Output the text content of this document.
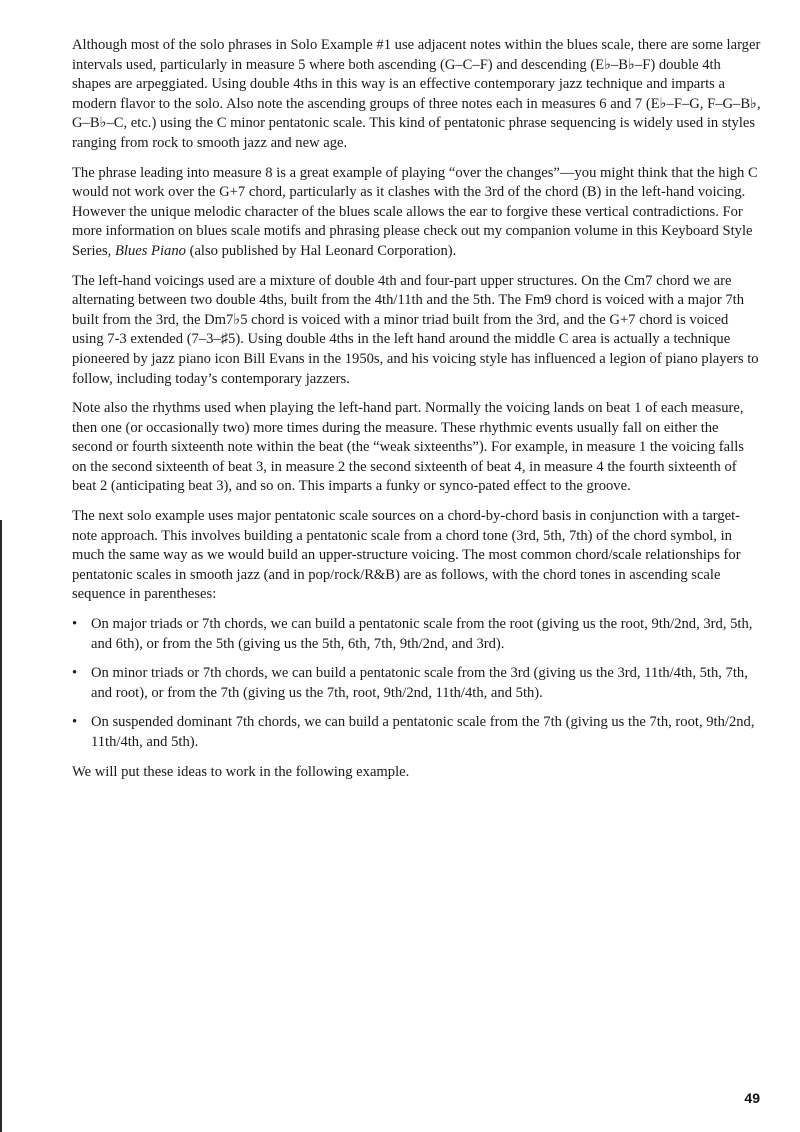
Although most of the solo phrases in Solo Example #1 use adjacent notes within the blues scale, there are some larger intervals used, particularly in measure 5 where both ascending (G–C–F) and descending (E♭–B♭–F) double 4th shapes are arpeggiated. Using double 4ths in this way is an effective contemporary jazz technique and imparts a modern flavor to the solo. Also note the ascending groups of three notes each in measures 6 and 7 (E♭–F–G, F–G–B♭, G–B♭–C, etc.) using the C minor pentatonic scale. This kind of pentatonic phrase sequencing is widely used in styles ranging from rock to smooth jazz and new age.

The phrase leading into measure 8 is a great example of playing “over the changes”—you might think that the high C would not work over the G+7 chord, particularly as it clashes with the 3rd of the chord (B) in the left-hand voicing. However the unique melodic character of the blues scale allows the ear to forgive these vertical contradictions. For more information on blues scale motifs and phrasing please check out my companion volume in this Keyboard Style Series, Blues Piano (also published by Hal Leonard Corporation).

The left-hand voicings used are a mixture of double 4th and four-part upper structures. On the Cm7 chord we are alternating between two double 4ths, built from the 4th/11th and the 5th. The Fm9 chord is voiced with a major 7th built from the 3rd, the Dm7♭5 chord is voiced with a minor triad built from the 3rd, and the G+7 chord is voiced using 7-3 extended (7–3–♯5). Using double 4ths in the left hand around the middle C area is actually a technique pioneered by jazz piano icon Bill Evans in the 1950s, and his voicing style has influenced a legion of piano players to follow, including today’s contemporary jazzers.

Note also the rhythms used when playing the left-hand part. Normally the voicing lands on beat 1 of each measure, then one (or occasionally two) more times during the measure. These rhythmic events usually fall on either the second or fourth sixteenth note within the beat (the “weak sixteenths”). For example, in measure 1 the voicing falls on the second sixteenth of beat 3, in measure 2 the second sixteenth of beat 4, in measure 4 the fourth sixteenth of beat 2 (anticipating beat 3), and so on. This imparts a funky or synco-pated effect to the groove.

The next solo example uses major pentatonic scale sources on a chord-by-chord basis in conjunction with a target-note approach. This involves building a pentatonic scale from a chord tone (3rd, 5th, 7th) of the chord symbol, in much the same way as we would build an upper-structure voicing. The most common chord/scale relationships for pentatonic scales in smooth jazz (and in pop/rock/R&B) are as follows, with the chord tones in ascending scale sequence in parentheses:

• On major triads or 7th chords, we can build a pentatonic scale from the root (giving us the root, 9th/2nd, 3rd, 5th, and 6th), or from the 5th (giving us the 5th, 6th, 7th, 9th/2nd, and 3rd).
• On minor triads or 7th chords, we can build a pentatonic scale from the 3rd (giving us the 3rd, 11th/4th, 5th, 7th, and root), or from the 7th (giving us the 7th, root, 9th/2nd, 11th/4th, and 5th).
• On suspended dominant 7th chords, we can build a pentatonic scale from the 7th (giving us the 7th, root, 9th/2nd, 11th/4th, and 5th).

We will put these ideas to work in the following example.

49
